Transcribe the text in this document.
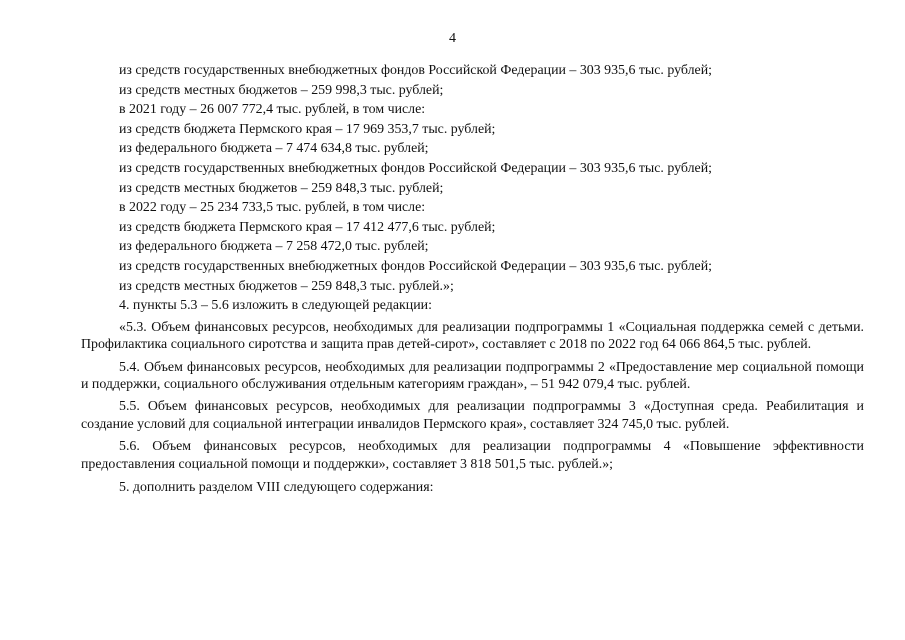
4
из средств государственных внебюджетных фондов Российской Федерации – 303 935,6 тыс. рублей;
из средств местных бюджетов – 259 998,3 тыс. рублей;
в 2021 году – 26 007 772,4 тыс. рублей, в том числе:
из средств бюджета Пермского края – 17 969 353,7 тыс. рублей;
из федерального бюджета – 7 474 634,8 тыс. рублей;
из средств государственных внебюджетных фондов Российской Федерации – 303 935,6 тыс. рублей;
из средств местных бюджетов – 259 848,3 тыс. рублей;
в 2022 году – 25 234 733,5 тыс. рублей, в том числе:
из средств бюджета Пермского края – 17 412 477,6 тыс. рублей;
из федерального бюджета – 7 258 472,0 тыс. рублей;
из средств государственных внебюджетных фондов Российской Федерации – 303 935,6 тыс. рублей;
из средств местных бюджетов – 259 848,3 тыс. рублей.»;
4. пункты 5.3 – 5.6 изложить в следующей редакции:

«5.3. Объем финансовых ресурсов, необходимых для реализации подпрограммы 1 «Социальная поддержка семей с детьми. Профилактика социального сиротства и защита прав детей-сирот», составляет с 2018 по 2022 год 64 066 864,5 тыс. рублей.

5.4. Объем финансовых ресурсов, необходимых для реализации подпрограммы 2 «Предоставление мер социальной помощи и поддержки, социального обслуживания отдельным категориям граждан», – 51 942 079,4 тыс. рублей.

5.5. Объем финансовых ресурсов, необходимых для реализации подпрограммы 3 «Доступная среда. Реабилитация и создание условий для социальной интеграции инвалидов Пермского края», составляет 324 745,0 тыс. рублей.

5.6. Объем финансовых ресурсов, необходимых для реализации подпрограммы 4 «Повышение эффективности предоставления социальной помощи и поддержки», составляет 3 818 501,5 тыс. рублей.»;

5. дополнить разделом VIII следующего содержания:
